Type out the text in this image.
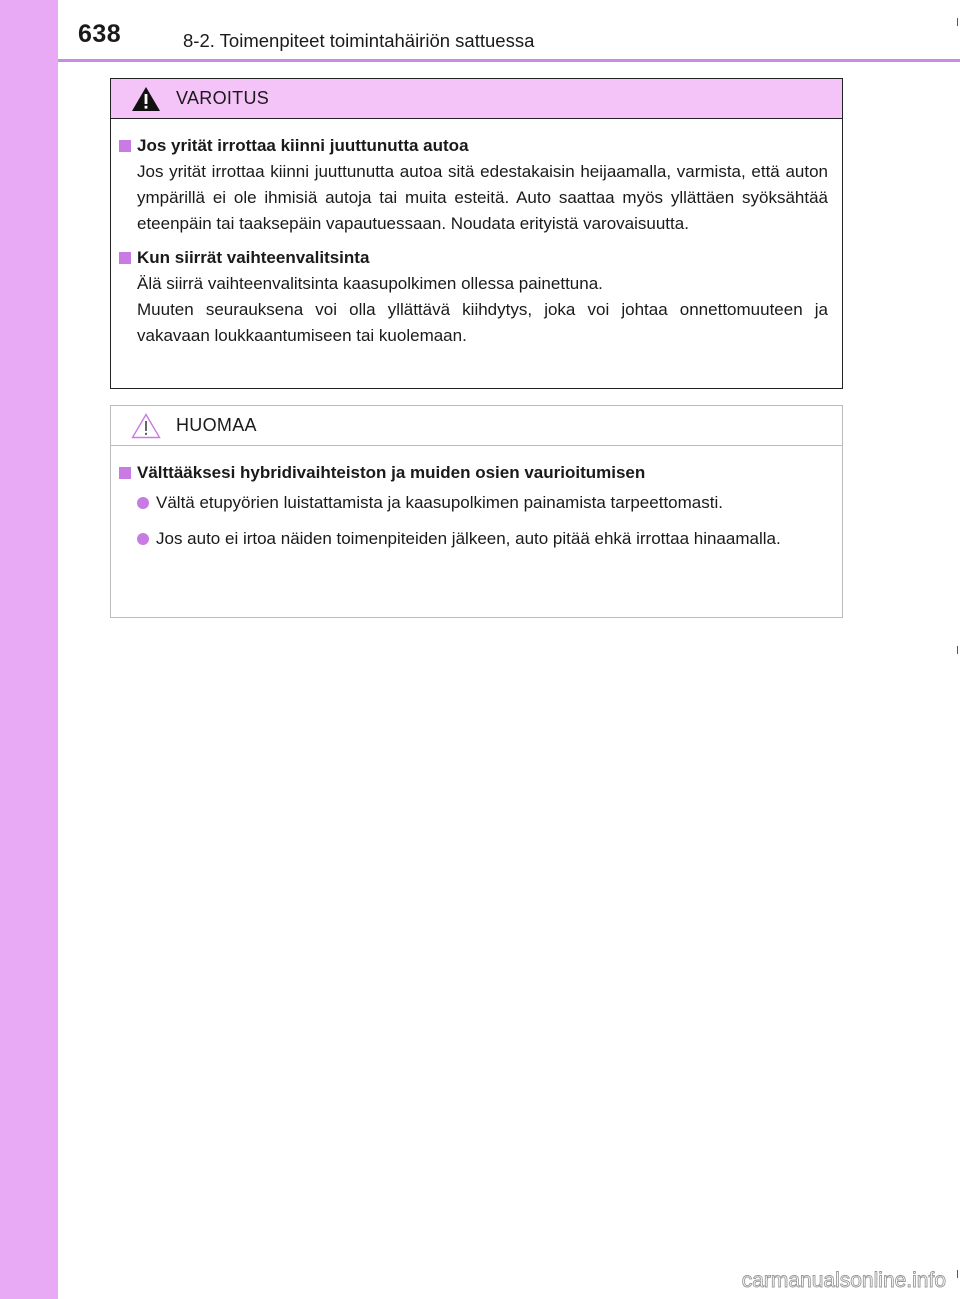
638	8-2. Toimenpiteet toimintahäiriön sattuessa
VAROITUS
Jos yrität irrottaa kiinni juuttunutta autoa

Jos yrität irrottaa kiinni juuttunutta autoa sitä edestakaisin heijaamalla, varmista, että auton ympärillä ei ole ihmisiä autoja tai muita esteitä. Auto saattaa myös yllättäen syöksähtää eteenpäin tai taaksepäin vapautuessaan. Noudata erityistä varovaisuutta.

Kun siirrät vaihteenvalitsinta

Älä siirrä vaihteenvalitsinta kaasupolkimen ollessa painettuna.

Muuten seurauksena voi olla yllättävä kiihdytys, joka voi johtaa onnettomuuteen ja vakavaan loukkaantumiseen tai kuolemaan.

HUOMAA
Välttääksesi hybridivaihteiston ja muiden osien vaurioitumisen
Vältä etupyörien luistattamista ja kaasupolkimen painamista tarpeettomasti.
Jos auto ei irtoa näiden toimenpiteiden jälkeen, auto pitää ehkä irrottaa hinaamalla.
carmanualsonline.info
